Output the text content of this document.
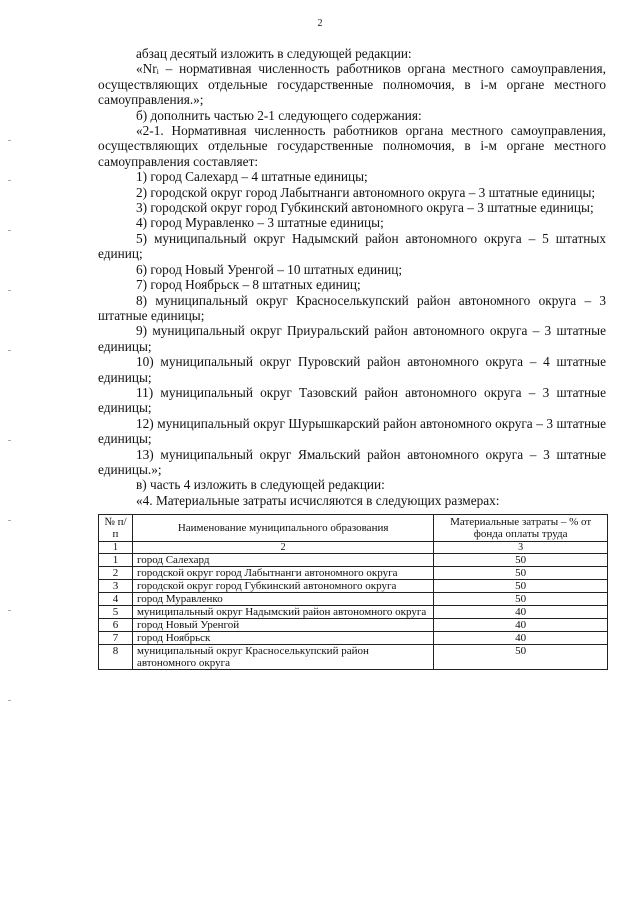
2

абзац десятый изложить в следующей редакции:

«Nrᵢ – нормативная численность работников органа местного самоуправления, осуществляющих отдельные государственные полномочия, в i-м органе местного самоуправления.»;

б) дополнить частью 2-1 следующего содержания:

«2-1. Нормативная численность работников органа местного самоуправления, осуществляющих отдельные государственные полномочия, в i-м органе местного самоуправления составляет:

1) город Салехард – 4 штатные единицы;

2) городской округ город Лабытнанги автономного округа – 3 штатные единицы;

3) городской округ город Губкинский автономного округа – 3 штатные единицы;

4) город Муравленко – 3 штатные единицы;

5) муниципальный округ Надымский район автономного округа – 5 штатных единиц;

6) город Новый Уренгой – 10 штатных единиц;

7) город Ноябрьск – 8 штатных единиц;

8) муниципальный округ Красноселькупский район автономного округа – 3 штатные единицы;

9) муниципальный округ Приуральский район автономного округа – 3 штатные единицы;

10) муниципальный округ Пуровский район автономного округа – 4 штатные единицы;

11) муниципальный округ Тазовский район автономного округа – 3 штатные единицы;

12) муниципальный округ Шурышкарский район автономного округа – 3 штатные единицы;

13) муниципальный округ Ямальский район автономного округа – 3 штатные единицы.»;

в) часть 4 изложить в следующей редакции:

«4. Материальные затраты исчисляются в следующих размерах:

№ п/п	Наименование муниципального образования	Материальные затраты – % от фонда оплаты труда
1	2	3
1	город Салехард	50
2	городской округ город Лабытнанги автономного округа	50
3	городской округ город Губкинский автономного округа	50
4	город Муравленко	50
5	муниципальный округ Надымский район автономного округа	40
6	город Новый Уренгой	40
7	город Ноябрьск	40
8	муниципальный округ Красноселькупский район автономного округа	50
